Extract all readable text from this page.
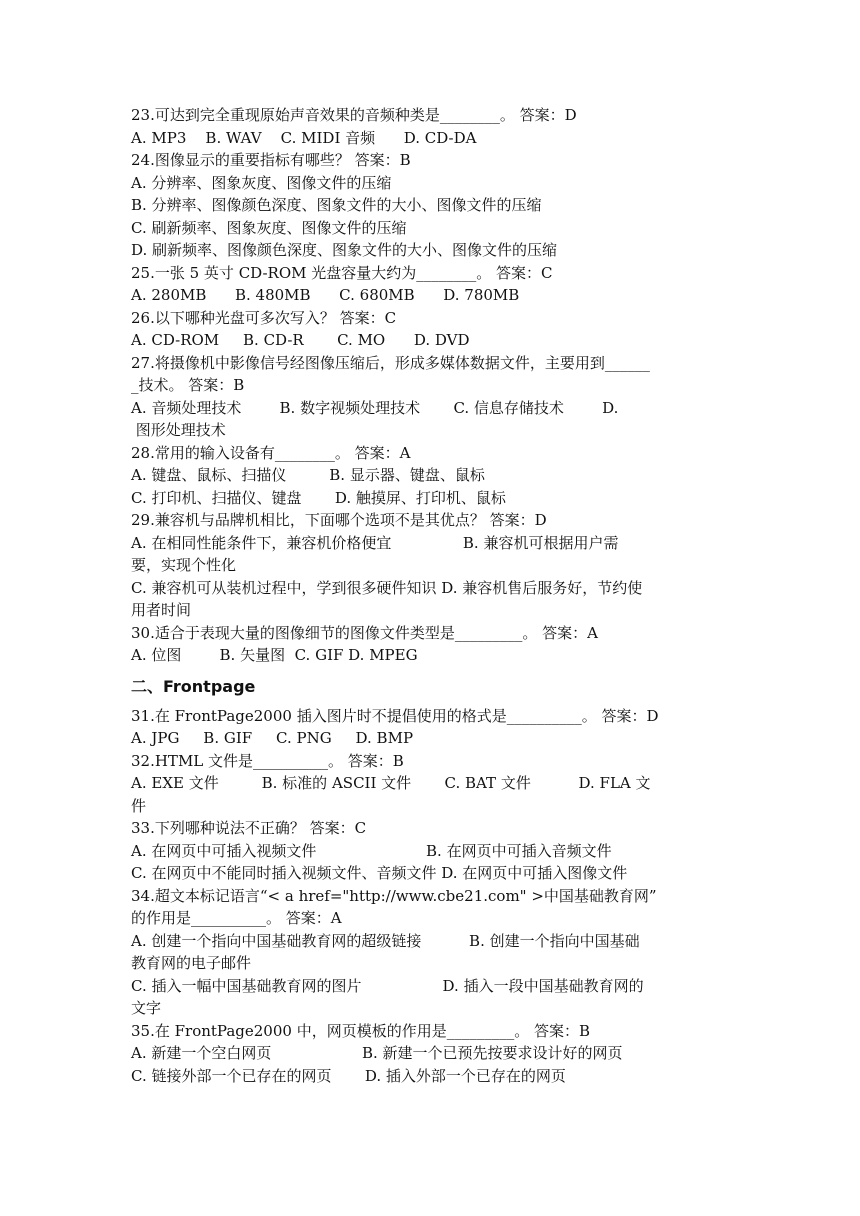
23.可达到完全重现原始声音效果的音频种类是________。 答案：D
A. MP3    B. WAV    C. MIDI 音频      D. CD-DA
24.图像显示的重要指标有哪些？ 答案：B
A. 分辨率、图象灰度、图像文件的压缩
B. 分辨率、图像颜色深度、图象文件的大小、图像文件的压缩
C. 刷新频率、图象灰度、图像文件的压缩
D. 刷新频率、图像颜色深度、图象文件的大小、图像文件的压缩
25.一张 5 英寸 CD-ROM 光盘容量大约为________。 答案：C
A. 280MB      B. 480MB      C. 680MB      D. 780MB
26.以下哪种光盘可多次写入？ 答案：C
A. CD-ROM     B. CD-R       C. MO      D. DVD
27.将摄像机中影像信号经图像压缩后，形成多媒体数据文件，主要用到______
_技术。 答案：B
A. 音频处理技术        B. 数字视频处理技术       C. 信息存储技术        D.
图形处理技术
28.常用的输入设备有________。 答案：A
A. 键盘、鼠标、扫描仪         B. 显示器、键盘、鼠标
C. 打印机、扫描仪、键盘       D. 触摸屏、打印机、鼠标
29.兼容机与品牌机相比，下面哪个选项不是其优点？ 答案：D
A. 在相同性能条件下，兼容机价格便宜               B. 兼容机可根据用户需
要，实现个性化
C. 兼容机可从装机过程中，学到很多硬件知识 D. 兼容机售后服务好，节约使
用者时间
30.适合于表现大量的图像细节的图像文件类型是_________。 答案：A
A. 位图        B. 矢量图  C. GIF D. MPEG
二、Frontpage
31.在 FrontPage2000 插入图片时不提倡使用的格式是__________。 答案：D
A. JPG     B. GIF     C. PNG     D. BMP
32.HTML 文件是__________。 答案：B
A. EXE 文件         B. 标准的 ASCII 文件       C. BAT 文件          D. FLA 文
件
33.下列哪种说法不正确？ 答案：C
A. 在网页中可插入视频文件                       B. 在网页中可插入音频文件
C. 在网页中不能同时插入视频文件、音频文件 D. 在网页中可插入图像文件
34.超文本标记语言“< a href="http://www.cbe21.com" >中国基础教育网”
的作用是__________。 答案：A
A. 创建一个指向中国基础教育网的超级链接          B. 创建一个指向中国基础
教育网的电子邮件
C. 插入一幅中国基础教育网的图片                 D. 插入一段中国基础教育网的
文字
35.在 FrontPage2000 中，网页模板的作用是_________。 答案：B
A. 新建一个空白网页                   B. 新建一个已预先按要求设计好的网页
C. 链接外部一个已存在的网页       D. 插入外部一个已存在的网页
